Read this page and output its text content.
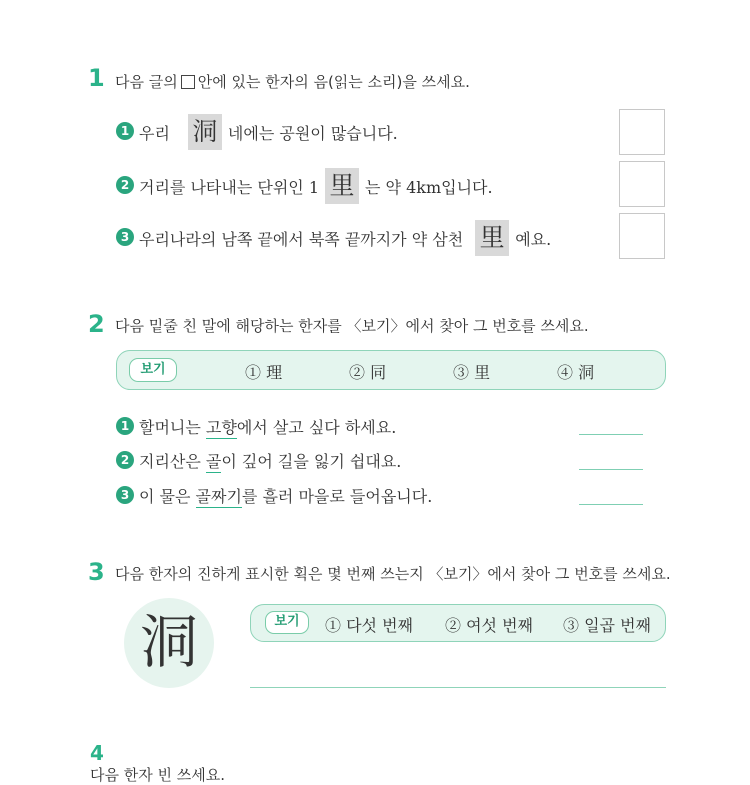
1 다음 글의 안에 있는 한자의 음(읽는 소리)을 쓰세요.
1 우리 洞 네에는 공원이 많습니다.
2 거리를 나타내는 단위인 1 里 는 약 4km입니다.
3 우리나라의 남쪽 끝에서 북쪽 끝까지가 약 삼천 里 예요.
2 다음 밑줄 친 말에 해당하는 한자를 〈보기〉에서 찾아 그 번호를 쓰세요.
보기	① 理	② 同	③ 里	④ 洞
1 할머니는 고향에서 살고 싶다 하세요.
2 지리산은 골이 깊어 길을 잃기 쉽대요.
3 이 물은 골짜기를 흘러 마을로 들어옵니다.
3 다음 한자의 진하게 표시한 획은 몇 번째 쓰는지 〈보기〉에서 찾아 그 번호를 쓰세요.
洞	보기	① 다섯 번째 ② 여섯 번째 ③ 일곱 번째
4
다음 한자 빈 쓰세요.
